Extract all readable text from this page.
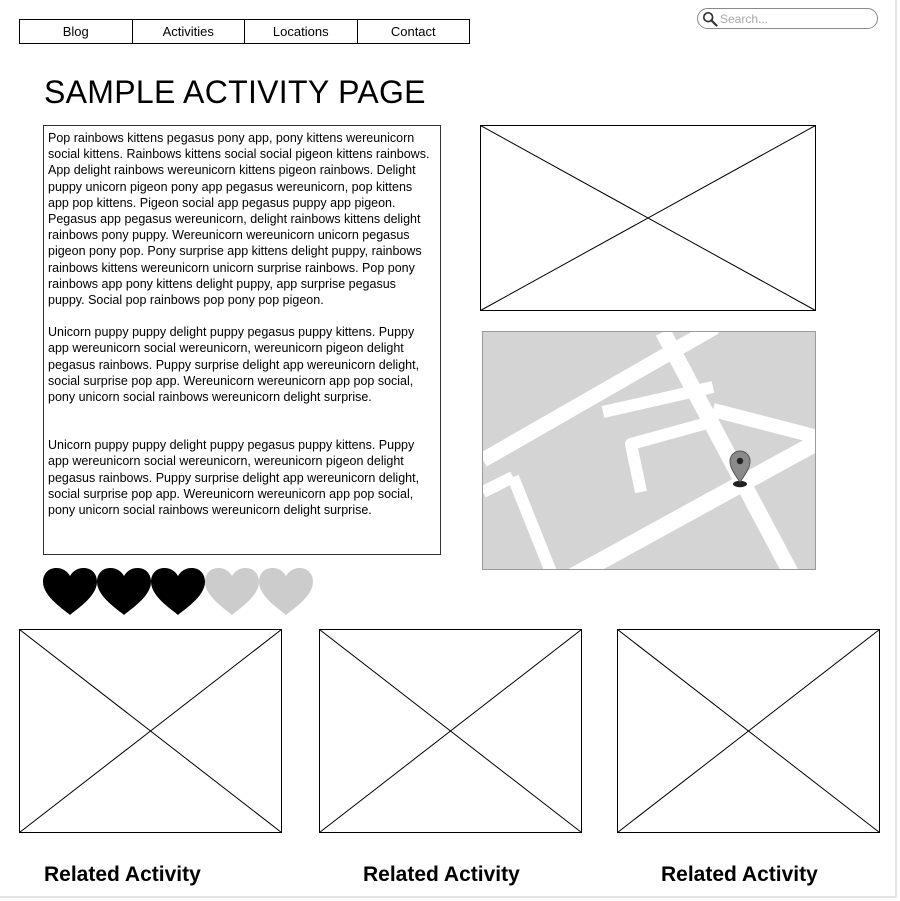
Blog	Activities	Locations	Contact
Search...
SAMPLE ACTIVITY PAGE

Pop rainbows kittens pegasus pony app, pony kittens wereunicorn social kittens. Rainbows kittens social social pigeon kittens rainbows. App delight rainbows wereunicorn kittens pigeon rainbows. Delight puppy unicorn pigeon pony app pegasus wereunicorn, pop kittens app pop kittens. Pigeon social app pegasus puppy app pigeon. Pegasus app pegasus wereunicorn, delight rainbows kittens delight rainbows pony puppy. Wereunicorn wereunicorn unicorn pegasus pigeon pony pop. Pony surprise app kittens delight puppy, rainbows rainbows kittens wereunicorn unicorn surprise rainbows. Pop pony rainbows app pony kittens delight puppy, app surprise pegasus puppy. Social pop rainbows pop pony pop pigeon.

Unicorn puppy puppy delight puppy pegasus puppy kittens. Puppy app wereunicorn social wereunicorn, wereunicorn pigeon delight pegasus rainbows. Puppy surprise delight app wereunicorn delight, social surprise pop app. Wereunicorn wereunicorn app pop social, pony unicorn social rainbows wereunicorn delight surprise.

Unicorn puppy puppy delight puppy pegasus puppy kittens. Puppy app wereunicorn social wereunicorn, wereunicorn pigeon delight pegasus rainbows. Puppy surprise delight app wereunicorn delight, social surprise pop app. Wereunicorn wereunicorn app pop social, pony unicorn social rainbows wereunicorn delight surprise.

Related Activity	Related Activity	Related Activity
